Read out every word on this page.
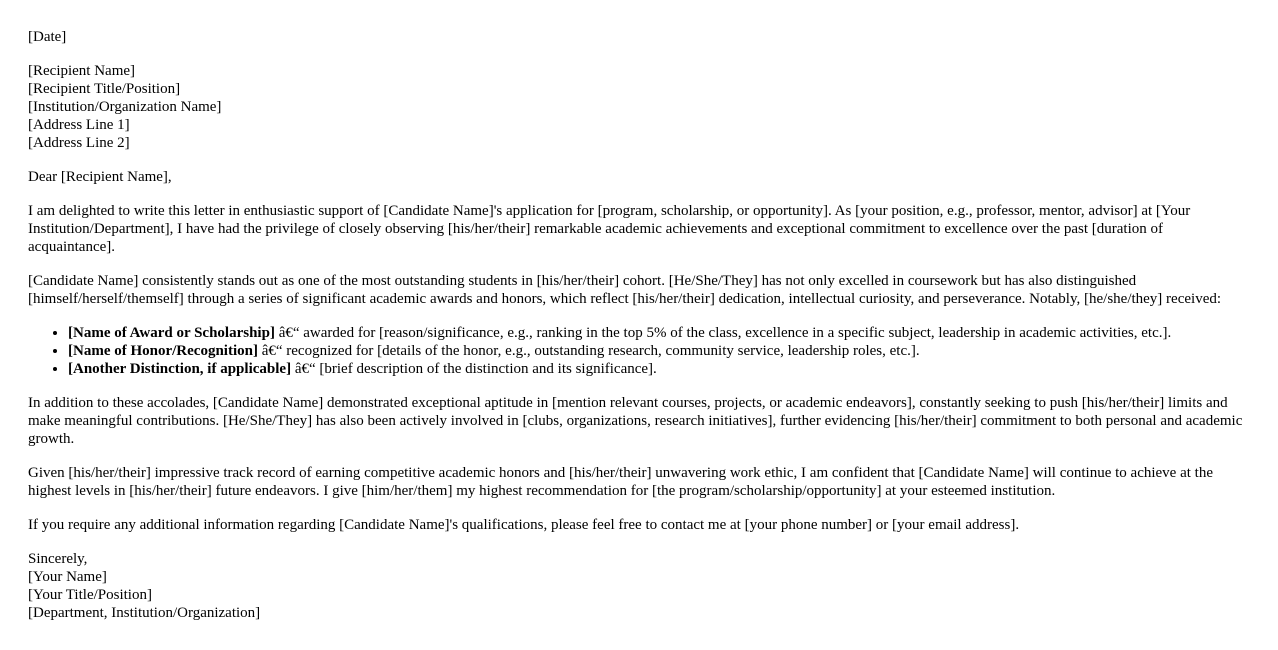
[Date]

[Recipient Name]
[Recipient Title/Position]
[Institution/Organization Name]
[Address Line 1]
[Address Line 2]

Dear [Recipient Name],

I am delighted to write this letter in enthusiastic support of [Candidate Name]'s application for [program, scholarship, or opportunity]. As [your position, e.g., professor, mentor, advisor] at [Your Institution/Department], I have had the privilege of closely observing [his/her/their] remarkable academic achievements and exceptional commitment to excellence over the past [duration of acquaintance].

[Candidate Name] consistently stands out as one of the most outstanding students in [his/her/their] cohort. [He/She/They] has not only excelled in coursework but has also distinguished [himself/herself/themself] through a series of significant academic awards and honors, which reflect [his/her/their] dedication, intellectual curiosity, and perseverance. Notably, [he/she/they] received:

• [Name of Award or Scholarship] â€“ awarded for [reason/significance, e.g., ranking in the top 5% of the class, excellence in a specific subject, leadership in academic activities, etc.].
• [Name of Honor/Recognition] â€“ recognized for [details of the honor, e.g., outstanding research, community service, leadership roles, etc.].
• [Another Distinction, if applicable] â€“ [brief description of the distinction and its significance].

In addition to these accolades, [Candidate Name] demonstrated exceptional aptitude in [mention relevant courses, projects, or academic endeavors], constantly seeking to push [his/her/their] limits and make meaningful contributions. [He/She/They] has also been actively involved in [clubs, organizations, research initiatives], further evidencing [his/her/their] commitment to both personal and academic growth.

Given [his/her/their] impressive track record of earning competitive academic honors and [his/her/their] unwavering work ethic, I am confident that [Candidate Name] will continue to achieve at the highest levels in [his/her/their] future endeavors. I give [him/her/them] my highest recommendation for [the program/scholarship/opportunity] at your esteemed institution.

If you require any additional information regarding [Candidate Name]'s qualifications, please feel free to contact me at [your phone number] or [your email address].

Sincerely,
[Your Name]
[Your Title/Position]
[Department, Institution/Organization]
